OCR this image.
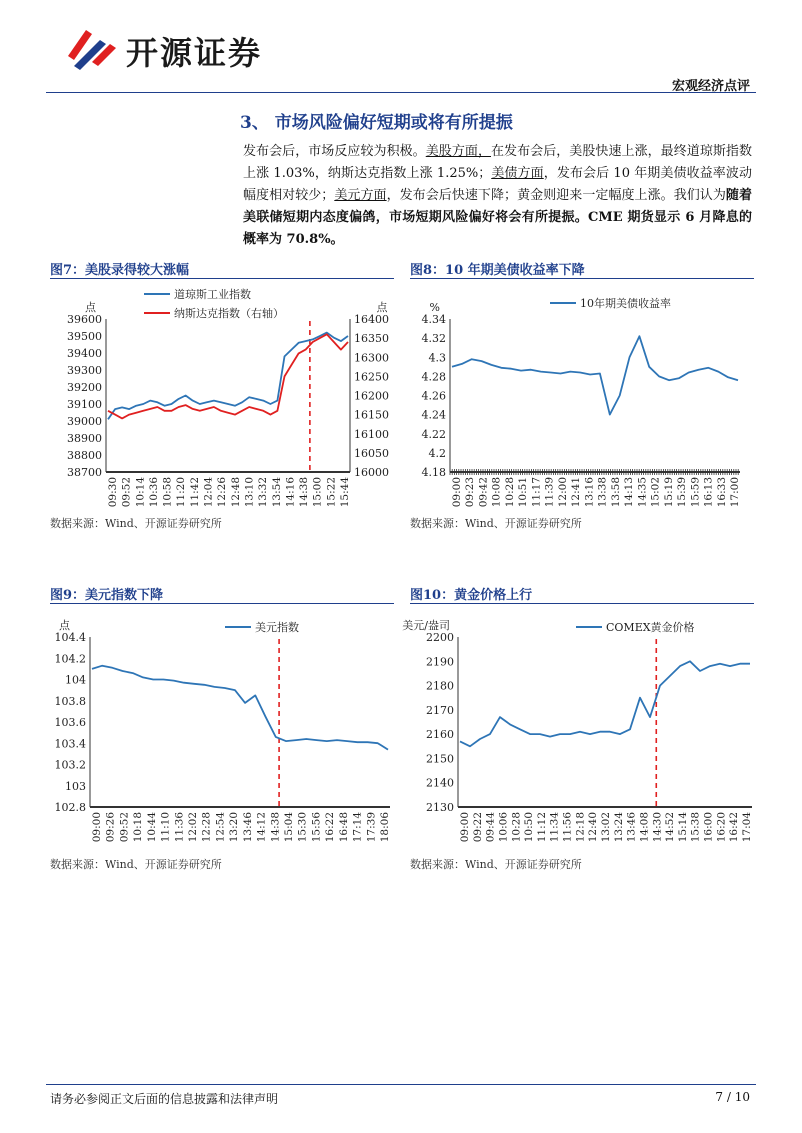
开源证券
宏观经济点评
3、 市场风险偏好短期或将有所提振
发布会后，市场反应较为积极。美股方面，在发布会后，美股快速上涨，最终道琼斯指数上涨 1.03%，纳斯达克指数上涨 1.25%；美债方面，发布会后 10 年期美债收益率波动幅度相对较少；美元方面，发布会后快速下降；黄金则迎来一定幅度上涨。我们认为随着美联储短期内态度偏鸽，市场短期风险偏好将会有所提振。CME 期货显示 6 月降息的概率为 70.8%。
图7：美股录得较大涨幅
点
39600
39500
39400
39300
39200
39100
39000
38900
38800
38700
点
16400
16350
16300
16250
16200
16150
16100
16050
16000
09:30 09:52 10:14 10:36 10:58 11:20 11:42 12:04 12:26 12:48 13:10 13:32 13:54 14:16 14:38 15:00 15:22 15:44
道琼斯工业指数
纳斯达克指数（右轴）
数据来源：Wind、开源证券研究所
图8：10 年期美债收益率下降
%
4.34
4.32
4.3
4.28
4.26
4.24
4.22
4.2
4.18
09:00 09:23 09:42 10:08 10:28 10:51 11:17 11:39 12:00 12:41 13:16 13:38 13:58 14:13 14:35 15:02 15:19 15:39 15:59 16:13 16:33 17:00
10年期美债收益率
数据来源：Wind、开源证券研究所
图9：美元指数下降
点
104.4
104.2
104
103.8
103.6
103.4
103.2
103
102.8
09:00 09:26 09:52 10:18 10:44 11:10 11:36 12:02 12:28 12:54 13:20 13:46 14:12 14:38 15:04 15:30 15:56 16:22 16:48 17:14 17:39 18:06
美元指数
数据来源：Wind、开源证券研究所
图10：黄金价格上行
美元/盎司
2200
2190
2180
2170
2160
2150
2140
2130
09:00 09:22 09:44 10:06 10:28 10:50 11:12 11:34 11:56 12:18 12:40 13:02 13:24 13:46 14:08 14:30 14:52 15:14 15:38 16:00 16:20 16:42 17:04
COMEX黄金价格
数据来源：Wind、开源证券研究所
请务必参阅正文后面的信息披露和法律声明	7 / 10
